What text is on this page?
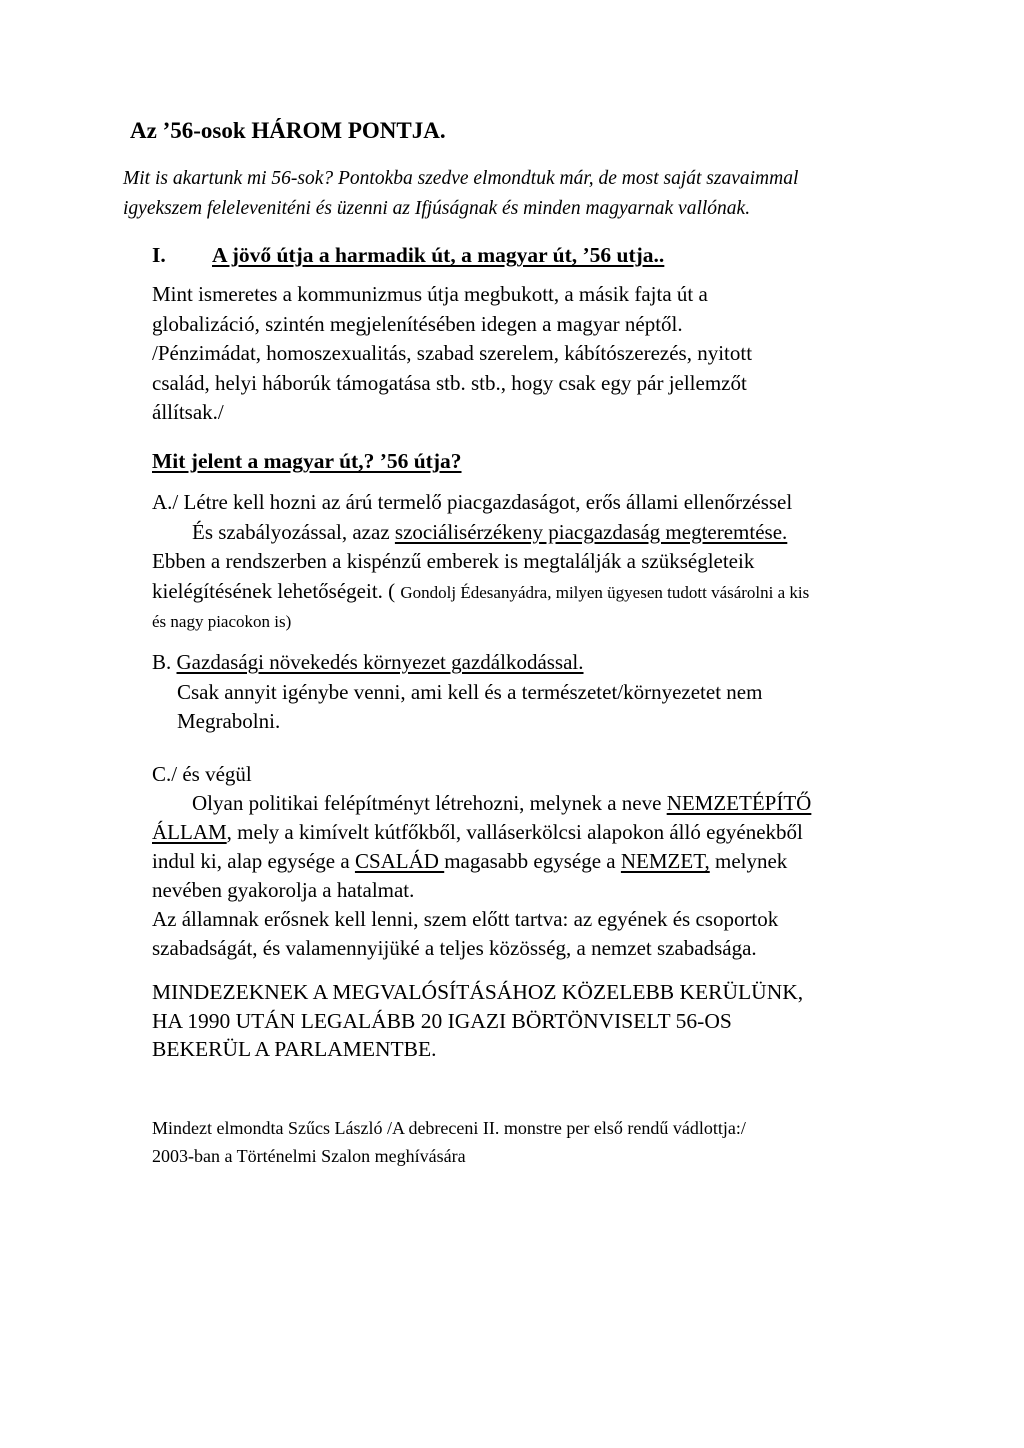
Az ’56-osok HÁROM PONTJA.
Mit is akartunk mi 56-sok? Pontokba szedve elmondtuk már, de most saját szavaimmal
igyekszem feleleveniténi és üzenni az Ifjúságnak és minden magyarnak vallónak.
I. A jövő útja a harmadik út, a magyar út, ’56 utja..
Mint ismeretes a kommunizmus útja megbukott, a másik fajta út a
globalizáció, szintén megjelenítésében idegen a magyar néptől.
/Pénzimádat, homoszexualitás, szabad szerelem, kábítószerezés, nyitott
család, helyi háborúk támogatása stb. stb., hogy csak egy pár jellemzőt
állítsak./
Mit jelent a magyar út,? ’56 útja?
A./ Létre kell hozni az árú termelő piacgazdaságot, erős állami ellenőrzéssel
És szabályozással, azaz szociálisérzékeny piacgazdaság megteremtése.
Ebben a rendszerben a kispénzű emberek is megtalálják a szükségleteik
kielégítésének lehetőségeit. ( Gondolj Édesanyádra, milyen ügyesen tudott vásárolni a kis
és nagy piacokon is)
B. Gazdasági növekedés környezet gazdálkodással.
Csak annyit igénybe venni, ami kell és a természetet/környezetet nem
Megrabolni.
C./ és végül
Olyan politikai felépítményt létrehozni, melynek a neve NEMZETÉPÍTŐ
ÁLLAM, mely a kimívelt kútfőkből, valláserkölcsi alapokon álló egyénekből
indul ki, alap egysége a CSALÁD magasabb egysége a NEMZET, melynek
nevében gyakorolja a hatalmat.
Az államnak erősnek kell lenni, szem előtt tartva: az egyének és csoportok
szabadságát, és valamennyijüké a teljes közösség, a nemzet szabadsága.
MINDEZEKNEK A MEGVALÓSÍTÁSÁHOZ KÖZELEBB KERÜLÜNK,
HA 1990 UTÁN LEGALÁBB 20 IGAZI BÖRTÖNVISELT 56-OS
BEKERÜL A PARLAMENTBE.
Mindezt elmondta Szűcs László /A debreceni II. monstre per első rendű vádlottja:/
2003-ban a Történelmi Szalon meghívására
